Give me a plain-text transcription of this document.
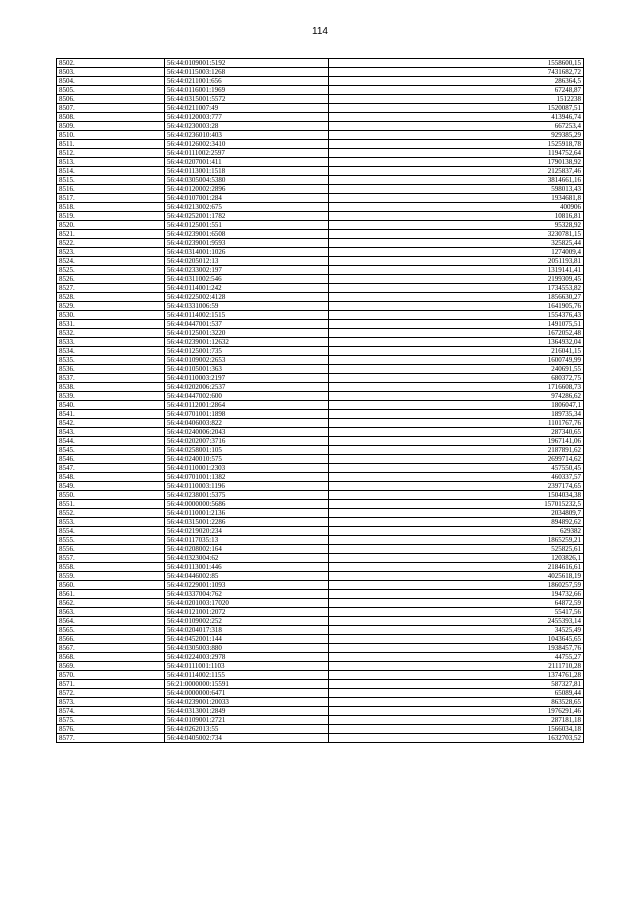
114
8502.	56:44:0109001:5192	1558600,15
8503.	56:44:0115003:1268	7431682,72
8504.	56:44:0211001:656	286364,5
8505.	56:44:0116001:1969	67248,87
8506.	56:44:0315001:5572	1512238
8507.	56:44:0211007:49	1520087,51
8508.	56:44:0120003:777	413946,74
8509.	56:44:0230003:28	667253,4
8510.	56:44:0236010:403	929385,29
8511.	56:44:0126002:3410	1525918,78
8512.	56:44:0111002:2597	1194752,64
8513.	56:44:0207001:411	1790138,92
8514.	56:44:0113001:1518	2125837,46
8515.	56:44:0305004:5380	3814661,16
8516.	56:44:0120002:2896	598013,43
8517.	56:44:0107001:284	1934681,8
8518.	56:44:0213002:675	400906
8519.	56:44:0252001:1782	10816,81
8520.	56:44:0125001:551	95328,92
8521.	56:44:0239001:6508	3230781,15
8522.	56:44:0239001:9593	325825,44
8523.	56:44:0314001:1026	1274009,4
8524.	56:44:0205012:13	2051193,81
8525.	56:44:0233002:197	1319141,41
8526.	56:44:0311002:546	2199309,45
8527.	56:44:0114001:242	1734553,82
8528.	56:44:0225002:4128	1856630,27
8529.	56:44:0331006:59	1641905,76
8530.	56:44:0114002:1515	1554376,43
8531.	56:44:0447001:537	1491075,51
8532.	56:44:0125001:3220	1672052,48
8533.	56:44:0239001:12632	1364932,04
8534.	56:44:0125001:735	216041,15
8535.	56:44:0109002:2653	1600749,99
8536.	56:44:0105001:363	240691,55
8537.	56:44:0110003:2197	680372,75
8538.	56:44:0202006:2537	1716608,73
8539.	56:44:0447002:600	974286,62
8540.	56:44:0112001:2864	1806047,1
8541.	56:44:0701001:1898	189735,34
8542.	56:44:0406003:822	1101767,76
8543.	56:44:0240006:2043	287340,65
8544.	56:44:0202007:3716	1967141,06
8545.	56:44:0258001:105	2187891,62
8546.	56:44:0240010:575	2699714,62
8547.	56:44:0110001:2303	457550,45
8548.	56:44:0701001:1382	460337,57
8549.	56:44:0110003:1196	2397174,65
8550.	56:44:0238001:5375	1504034,38
8551.	56:44:0000000:5686	157015232,5
8552.	56:44:0110001:2136	2034809,7
8553.	56:44:0315001:2286	894892,62
8554.	56:44:0219020:234	629382
8555.	56:44:0117035:13	1865259,21
8556.	56:44:0208002:164	525825,61
8557.	56:44:0323004:62	1203826,1
8558.	56:44:0113001:446	2184616,61
8559.	56:44:0446002:85	4025618,19
8560.	56:44:0229001:1093	1860257,59
8561.	56:44:0337004:762	194732,66
8562.	56:44:0201003:17020	64872,59
8563.	56:44:0121001:2072	55417,56
8564.	56:44:0109002:252	2455393,14
8565.	56:44:0204017:318	34525,49
8566.	56:44:0452001:144	1043645,65
8567.	56:44:0305003:880	1938457,76
8568.	56:44:0224003:2978	44755,27
8569.	56:44:0111001:1103	2111710,28
8570.	56:44:0114002:1155	1374761,28
8571.	56:21:0000000:15591	587327,81
8572.	56:44:0000000:6471	65089,44
8573.	56:44:0239001:20033	863528,65
8574.	56:44:0313001:2849	1976291,46
8575.	56:44:0109001:2721	287181,18
8576.	56:44:0262013:55	1566034,18
8577.	56:44:0405002:734	1632703,52
